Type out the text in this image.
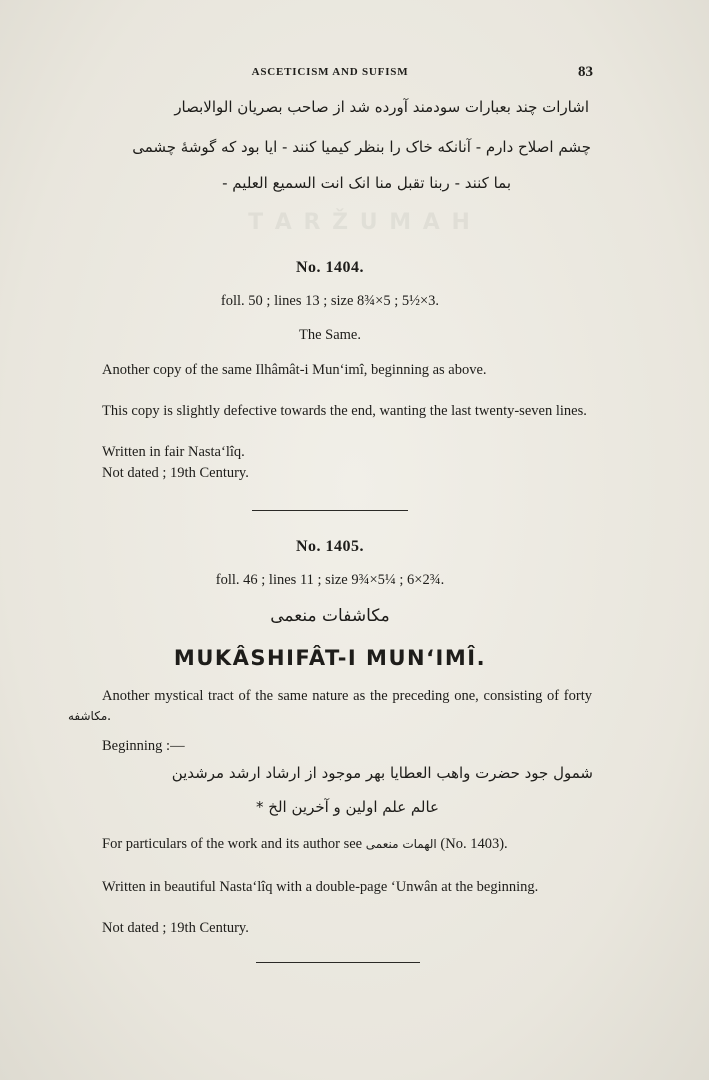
T A R Ž U M A H
ASCETICISM AND SUFISM	83
اشارات چند بعبارات سودمند آورده شد از صاحب بصریان الوالابصار
چشم اصلاح دارم - آنانکه خاک را بنظر کیمیا کنند - ایا بود که گوشهٔ چشمی
بما کنند - ربنا تقبل منا انک انت السمیع العلیم -
No. 1404.
foll. 50 ; lines 13 ; size 8¾×5 ; 5½×3.
The Same.
Another copy of the same Ilhâmât-i Mun‘imî, beginning as above.
This copy is slightly defective towards the end, wanting the last twenty-seven lines.
Written in fair Nasta‘lîq.
Not dated ; 19th Century.
No. 1405.
foll. 46 ; lines 11 ; size 9¾×5¼ ; 6×2¾.
مکاشفات منعمی
MUKÂSHIFÂT-I MUN‘IMÎ.
Another mystical tract of the same nature as the preceding one, consisting of forty مکاشفه.
Beginning :—
شمول جود حضرت واهب العطایا بهر موجود از ارشاد ارشد مرشدین
عالم علم اولین و آخرین الخ *
For particulars of the work and its author see الهمات منعمی (No. 1403).
Written in beautiful Nasta‘lîq with a double-page ‘Unwân at the beginning.
Not dated ; 19th Century.
